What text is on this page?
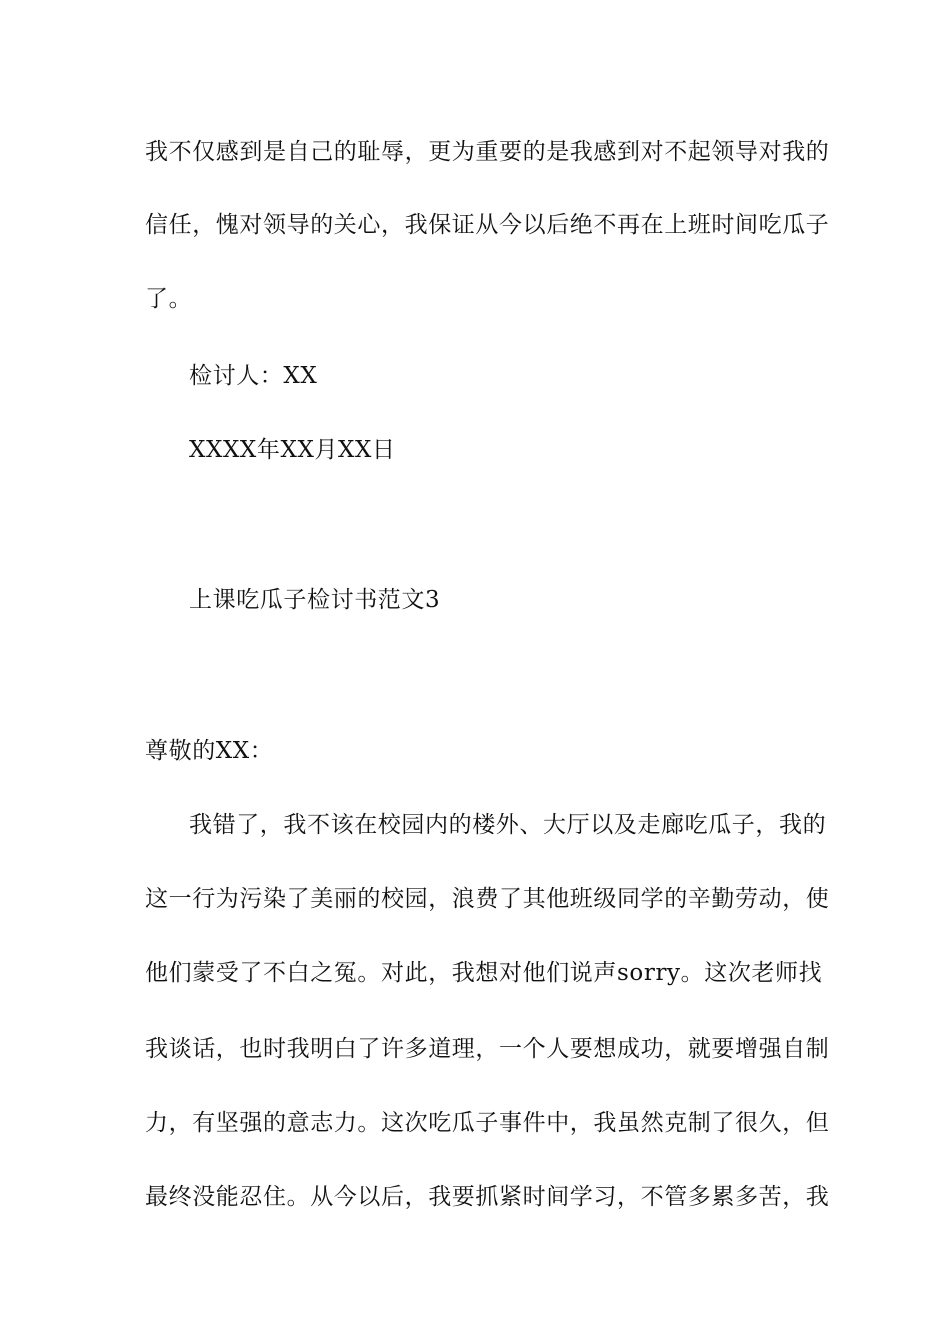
我不仅感到是自己的耻辱，更为重要的是我感到对不起领导对我的
信任，愧对领导的关心，我保证从今以后绝不再在上班时间吃瓜子
了。
检讨人：XX
XXXX年XX月XX日
上课吃瓜子检讨书范文3
尊敬的XX：
我错了，我不该在校园内的楼外、大厅以及走廊吃瓜子，我的
这一行为污染了美丽的校园，浪费了其他班级同学的辛勤劳动，使
他们蒙受了不白之冤。对此，我想对他们说声sorry。这次老师找
我谈话，也时我明白了许多道理，一个人要想成功，就要增强自制
力，有坚强的意志力。这次吃瓜子事件中，我虽然克制了很久，但
最终没能忍住。从今以后，我要抓紧时间学习，不管多累多苦，我
